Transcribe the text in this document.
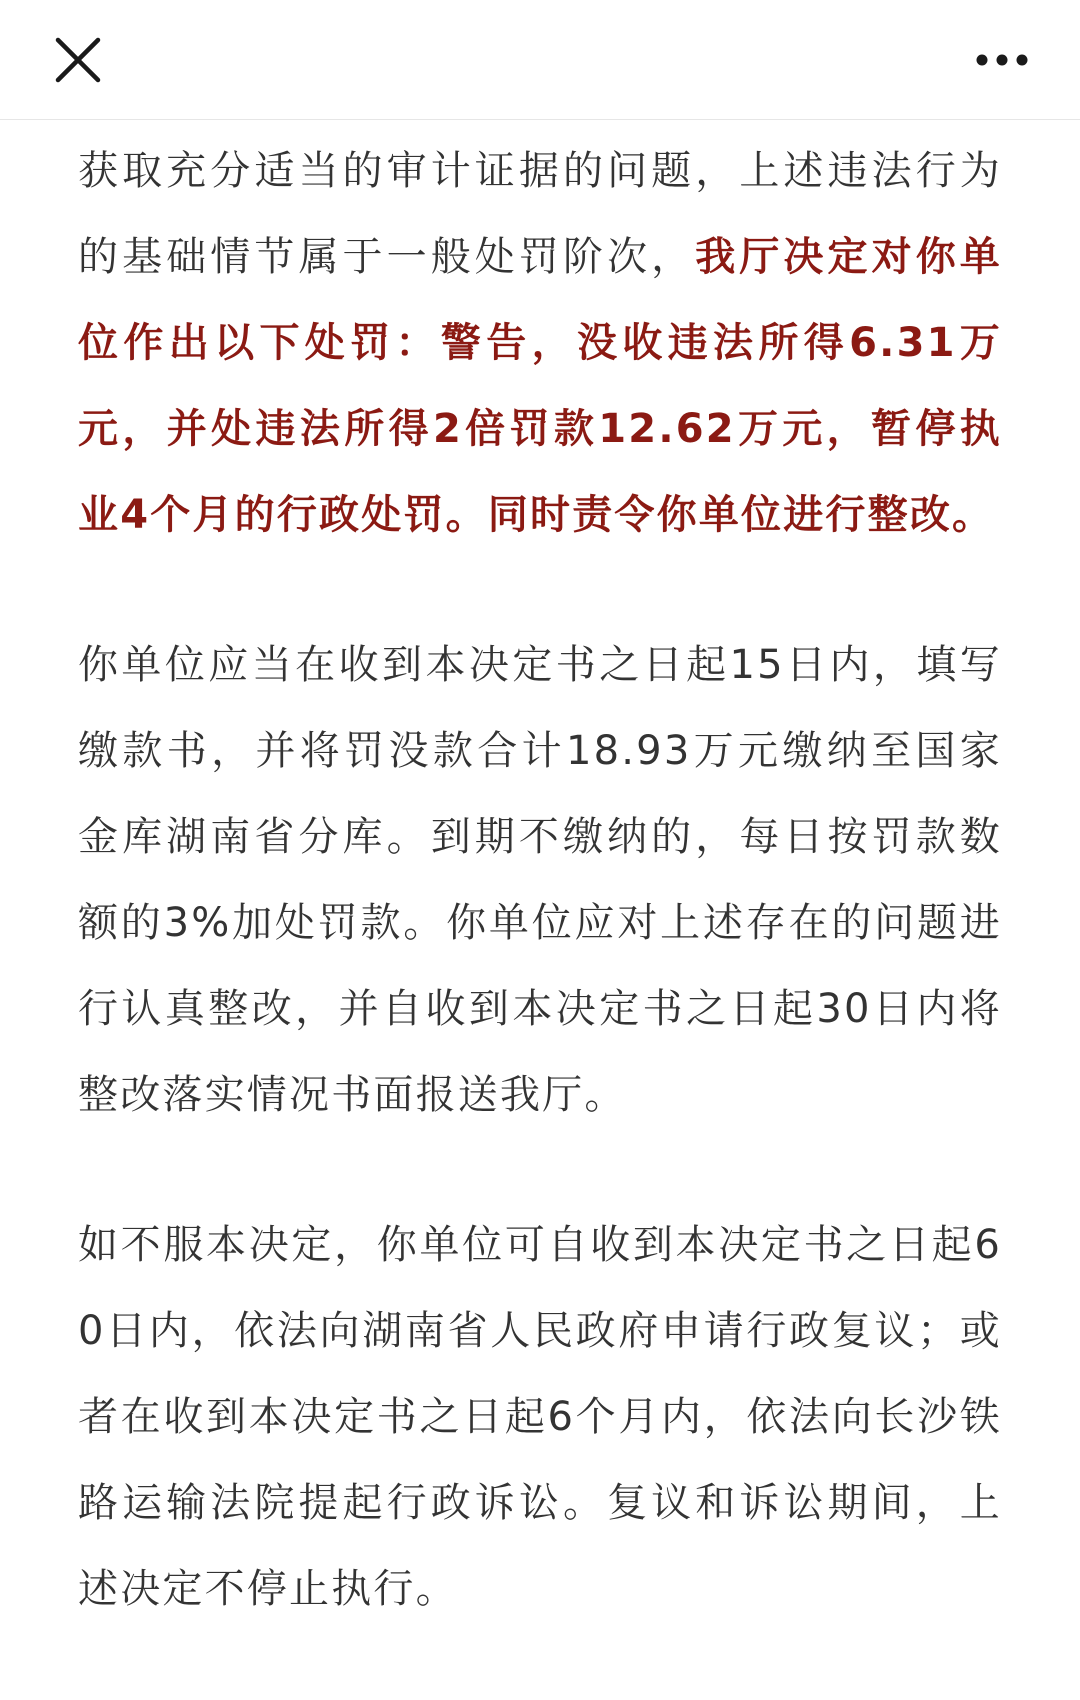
获取充分适当的审计证据的问题，上述违法行为的基础情节属于一般处罚阶次，我厅决定对你单位作出以下处罚：警告，没收违法所得6.31万元，并处违法所得2倍罚款12.62万元，暂停执业4个月的行政处罚。同时责令你单位进行整改。

你单位应当在收到本决定书之日起15日内，填写缴款书，并将罚没款合计18.93万元缴纳至国家金库湖南省分库。到期不缴纳的，每日按罚款数额的3%加处罚款。你单位应对上述存在的问题进行认真整改，并自收到本决定书之日起30日内将整改落实情况书面报送我厅。

如不服本决定，你单位可自收到本决定书之日起60日内，依法向湖南省人民政府申请行政复议；或者在收到本决定书之日起6个月内，依法向长沙铁路运输法院提起行政诉讼。复议和诉讼期间，上述决定不停止执行。
